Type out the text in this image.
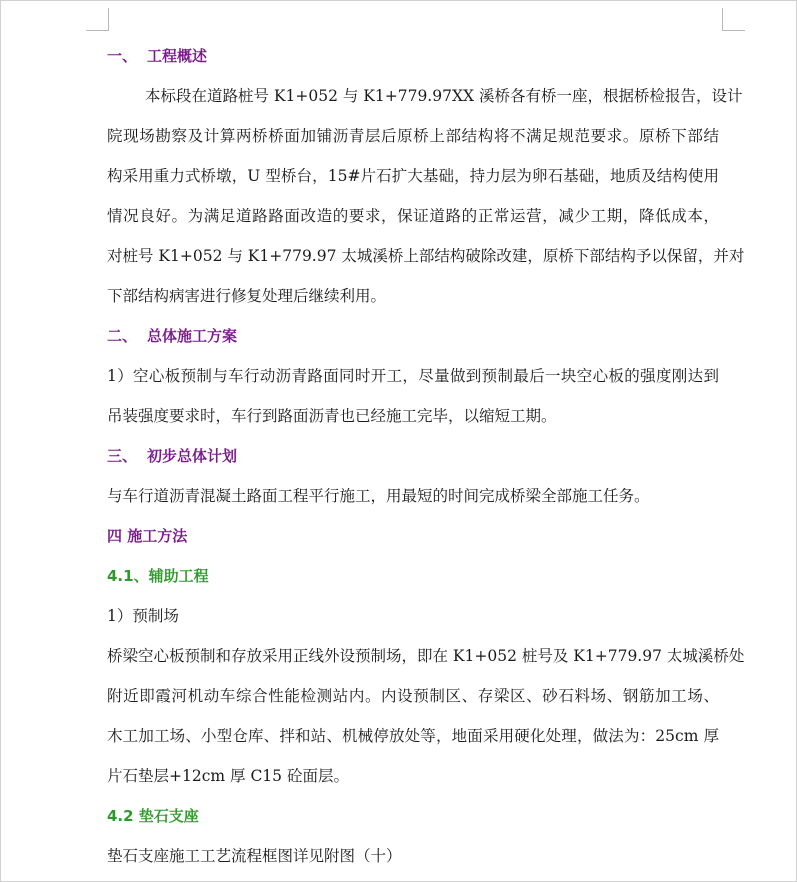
一、 工程概述
本标段在道路桩号 K1+052 与 K1+779.97XX 溪桥各有桥一座，根据桥检报告，设计
院现场勘察及计算两桥桥面加铺沥青层后原桥上部结构将不满足规范要求。原桥下部结
构采用重力式桥墩，U 型桥台，15#片石扩大基础，持力层为卵石基础，地质及结构使用
情况良好。为满足道路路面改造的要求，保证道路的正常运营，减少工期，降低成本，
对桩号 K1+052 与 K1+779.97 太城溪桥上部结构破除改建，原桥下部结构予以保留，并对
下部结构病害进行修复处理后继续利用。
二、 总体施工方案
1）空心板预制与车行动沥青路面同时开工，尽量做到预制最后一块空心板的强度刚达到
吊装强度要求时，车行到路面沥青也已经施工完毕，以缩短工期。
三、 初步总体计划
与车行道沥青混凝土路面工程平行施工，用最短的时间完成桥梁全部施工任务。
四 施工方法
4.1、辅助工程
1）预制场
桥梁空心板预制和存放采用正线外设预制场，即在 K1+052 桩号及 K1+779.97 太城溪桥处
附近即霞河机动车综合性能检测站内。内设预制区、存梁区、砂石料场、钢筋加工场、
木工加工场、小型仓库、拌和站、机械停放处等，地面采用硬化处理，做法为：25cm 厚
片石垫层+12cm 厚 C15 砼面层。
4.2 垫石支座
垫石支座施工工艺流程框图详见附图（十）
